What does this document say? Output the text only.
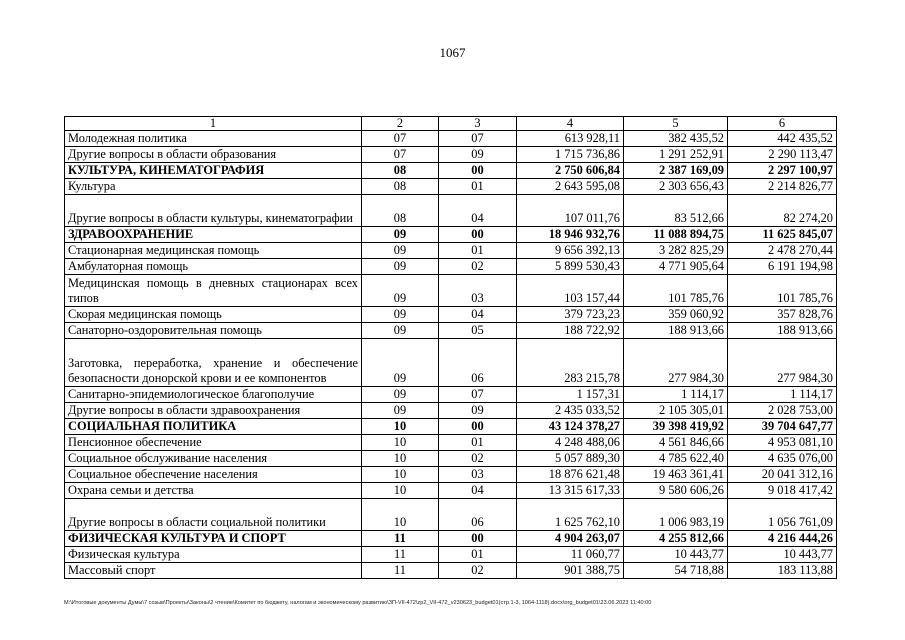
1067
1	2	3	4	5	6
Молодежная политика	07	07	613 928,11	382 435,52	442 435,52
Другие вопросы в области образования	07	09	1 715 736,86	1 291 252,91	2 290 113,47
КУЛЬТУРА, КИНЕМАТОГРАФИЯ	08	00	2 750 606,84	2 387 169,09	2 297 100,97
Культура	08	01	2 643 595,08	2 303 656,43	2 214 826,77
Другие вопросы в области культуры, кинематографии	08	04	107 011,76	83 512,66	82 274,20
ЗДРАВООХРАНЕНИЕ	09	00	18 946 932,76	11 088 894,75	11 625 845,07
Стационарная медицинская помощь	09	01	9 656 392,13	3 282 825,29	2 478 270,44
Амбулаторная помощь	09	02	5 899 530,43	4 771 905,64	6 191 194,98
Медицинская помощь в дневных стационарах всех типов	09	03	103 157,44	101 785,76	101 785,76
Скорая медицинская помощь	09	04	379 723,23	359 060,92	357 828,76
Санаторно-оздоровительная помощь	09	05	188 722,92	188 913,66	188 913,66
Заготовка, переработка, хранение и обеспечение безопасности донорской крови и ее компонентов	09	06	283 215,78	277 984,30	277 984,30
Санитарно-эпидемиологическое благополучие	09	07	1 157,31	1 114,17	1 114,17
Другие вопросы в области здравоохранения	09	09	2 435 033,52	2 105 305,01	2 028 753,00
СОЦИАЛЬНАЯ ПОЛИТИКА	10	00	43 124 378,27	39 398 419,92	39 704 647,77
Пенсионное обеспечение	10	01	4 248 488,06	4 561 846,66	4 953 081,10
Социальное обслуживание населения	10	02	5 057 889,30	4 785 622,40	4 635 076,00
Социальное обеспечение населения	10	03	18 876 621,48	19 463 361,41	20 041 312,16
Охрана семьи и детства	10	04	13 315 617,33	9 580 606,26	9 018 417,42
Другие вопросы в области социальной политики	10	06	1 625 762,10	1 006 983,19	1 056 761,09
ФИЗИЧЕСКАЯ КУЛЬТУРА И СПОРТ	11	00	4 904 263,07	4 255 812,66	4 216 444,26
Физическая культура	11	01	11 060,77	10 443,77	10 443,77
Массовый спорт	11	02	901 388,75	54 718,88	183 113,88
М:\Итоговые документы Думы\7 созыв\Проекты\Законы\2 чтение\Комитет по бюджету, налогам и экономическому развитию\ЗП-VII-472\zp2_VII-472_v230623_budget01(стр.1-3, 1064-1118).docx\org_budget01\23.06.2023 11:40:00
